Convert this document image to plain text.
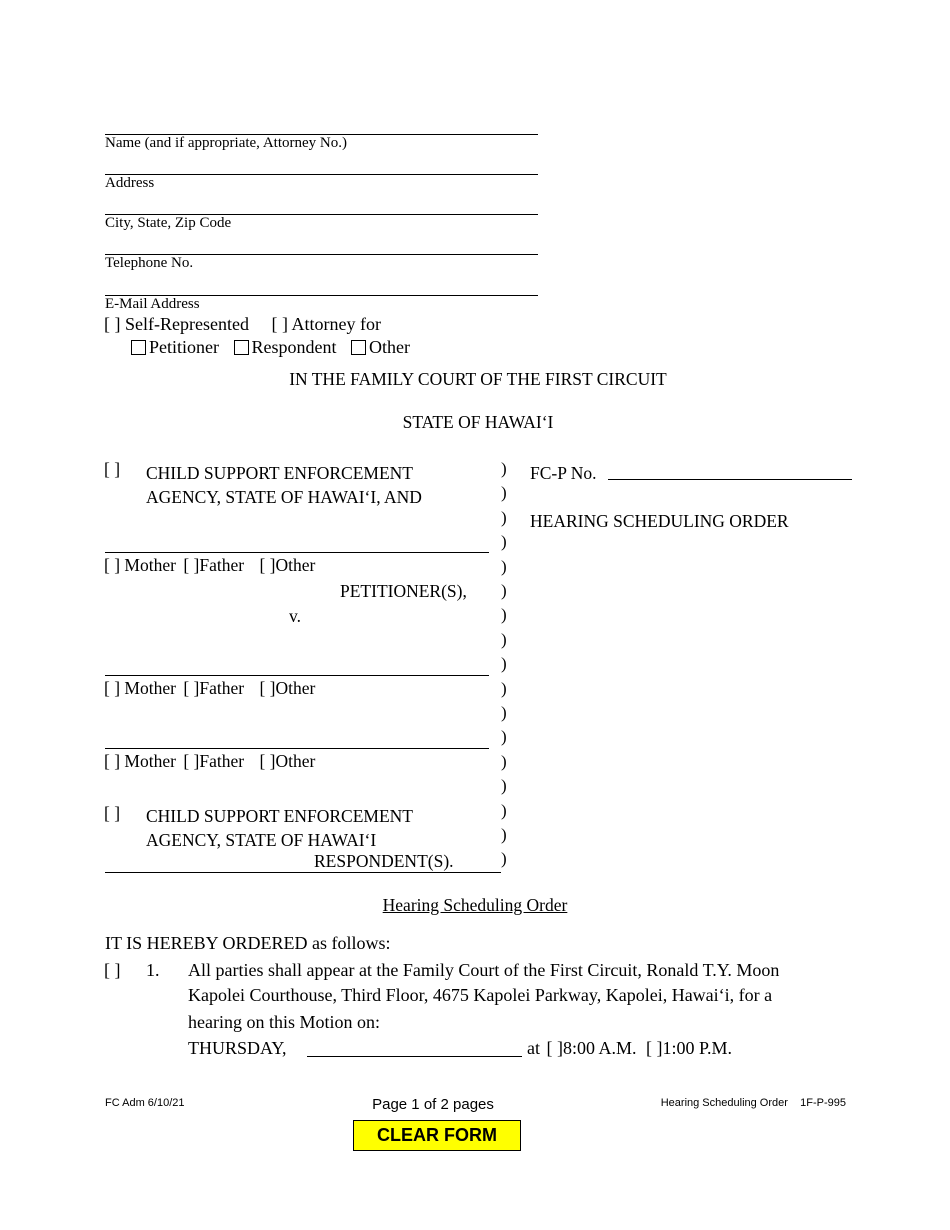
Name (and if appropriate, Attorney No.)
Address
City, State, Zip Code
Telephone No.
E-Mail Address
[ ] Self-Represented [ ] Attorney for
Petitioner Respondent Other
IN THE FAMILY COURT OF THE FIRST CIRCUIT
STATE OF HAWAI‘I
[ ] CHILD SUPPORT ENFORCEMENT
AGENCY, STATE OF HAWAI‘I, AND
[ ] Mother [ ]Father [ ]Other
PETITIONER(S),
v.
[ ] Mother [ ]Father [ ]Other
[ ] Mother [ ]Father [ ]Other
[ ] CHILD SUPPORT ENFORCEMENT
AGENCY, STATE OF HAWAI‘I
RESPONDENT(S).
)
)
)
)
)
)
)
)
)
)
)
)
)
)
)
)
)
FC-P No.
HEARING SCHEDULING ORDER
Hearing Scheduling Order
IT IS HEREBY ORDERED as follows:
[ ] 1. All parties shall appear at the Family Court of the First Circuit, Ronald T.Y. Moon
Kapolei Courthouse, Third Floor, 4675 Kapolei Parkway, Kapolei, Hawai‘i, for a
hearing on this Motion on:
THURSDAY,	at [ ]8:00 A.M. [ ]1:00 P.M.
FC Adm 6/10/21	Page 1 of 2 pages	Hearing Scheduling Order    1F-P-995
CLEAR FORM
